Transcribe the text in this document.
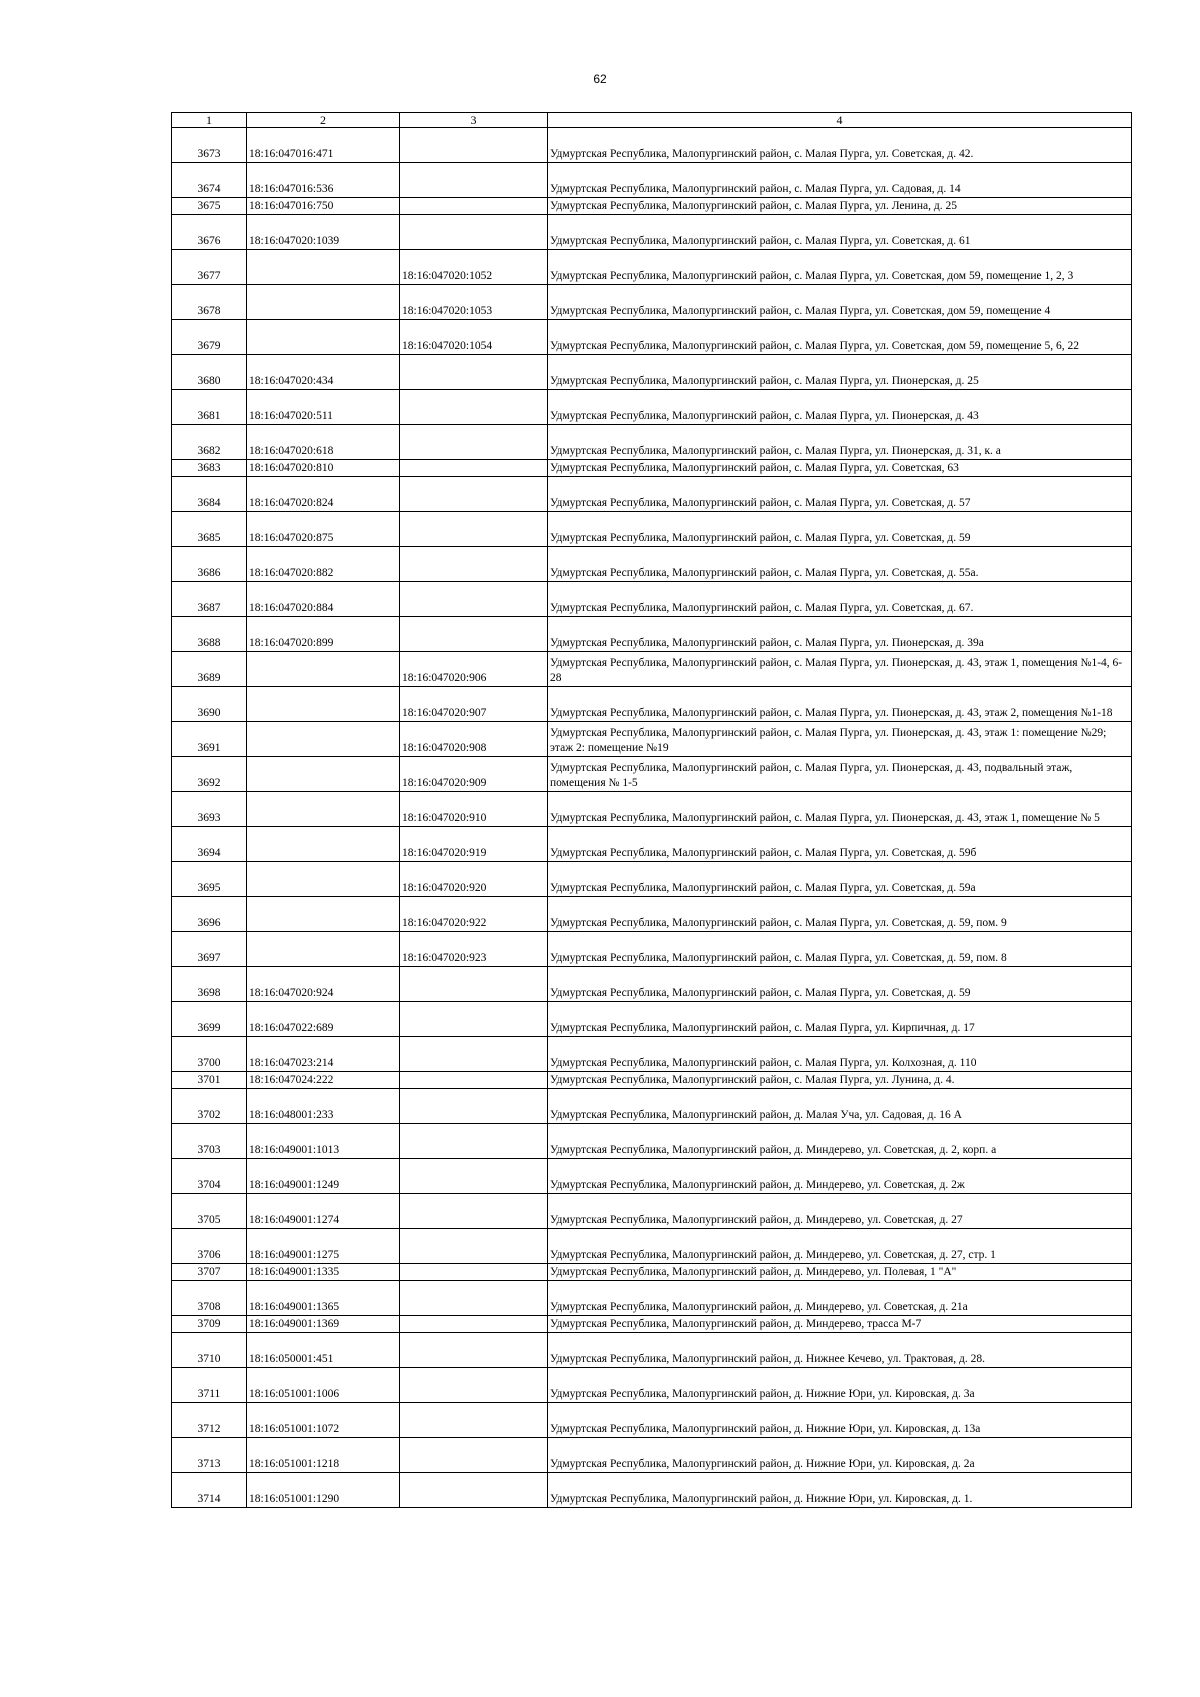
62
1	2	3	4
3673	18:16:047016:471		Удмуртская Республика, Малопургинский район, с. Малая Пурга, ул. Советская, д. 42.
3674	18:16:047016:536		Удмуртская Республика, Малопургинский район, с. Малая Пурга, ул. Садовая, д. 14
3675	18:16:047016:750		Удмуртская Республика, Малопургинский район, с. Малая Пурга, ул. Ленина, д. 25
3676	18:16:047020:1039		Удмуртская Республика, Малопургинский район, с. Малая Пурга, ул. Советская, д. 61
3677		18:16:047020:1052	Удмуртская Республика, Малопургинский район, с. Малая Пурга, ул. Советская, дом 59, помещение 1, 2, 3
3678		18:16:047020:1053	Удмуртская Республика, Малопургинский район, с. Малая Пурга, ул. Советская, дом 59, помещение 4
3679		18:16:047020:1054	Удмуртская Республика, Малопургинский район, с. Малая Пурга, ул. Советская, дом 59, помещение 5, 6, 22
3680	18:16:047020:434		Удмуртская Республика, Малопургинский район, с. Малая Пурга, ул. Пионерская, д. 25
3681	18:16:047020:511		Удмуртская Республика, Малопургинский район, с. Малая Пурга, ул. Пионерская, д. 43
3682	18:16:047020:618		Удмуртская Республика, Малопургинский район, с. Малая Пурга, ул. Пионерская, д. 31, к. а
3683	18:16:047020:810		Удмуртская Республика, Малопургинский район, с. Малая Пурга, ул. Советская, 63
3684	18:16:047020:824		Удмуртская Республика, Малопургинский район, с. Малая Пурга, ул. Советская, д. 57
3685	18:16:047020:875		Удмуртская Республика, Малопургинский район, с. Малая Пурга, ул. Советская, д. 59
3686	18:16:047020:882		Удмуртская Республика, Малопургинский район, с. Малая Пурга, ул. Советская, д. 55а.
3687	18:16:047020:884		Удмуртская Республика, Малопургинский район, с. Малая Пурга, ул. Советская, д. 67.
3688	18:16:047020:899		Удмуртская Республика, Малопургинский район, с. Малая Пурга, ул. Пионерская, д. 39а
3689		18:16:047020:906	Удмуртская Республика, Малопургинский район, с. Малая Пурга, ул. Пионерская, д. 43, этаж 1, помещения №1-4, 6-28
3690		18:16:047020:907	Удмуртская Республика, Малопургинский район, с. Малая Пурга, ул. Пионерская, д. 43, этаж 2, помещения №1-18
3691		18:16:047020:908	Удмуртская Республика, Малопургинский район, с. Малая Пурга, ул. Пионерская, д. 43, этаж 1: помещение №29; этаж 2: помещение №19
3692		18:16:047020:909	Удмуртская Республика, Малопургинский район, с. Малая Пурга, ул. Пионерская, д. 43, подвальный этаж, помещения № 1-5
3693		18:16:047020:910	Удмуртская Республика, Малопургинский район, с. Малая Пурга, ул. Пионерская, д. 43, этаж 1, помещение № 5
3694		18:16:047020:919	Удмуртская Республика, Малопургинский район, с. Малая Пурга, ул. Советская, д. 59б
3695		18:16:047020:920	Удмуртская Республика, Малопургинский район, с. Малая Пурга, ул. Советская, д. 59а
3696		18:16:047020:922	Удмуртская Республика, Малопургинский район, с. Малая Пурга, ул. Советская, д. 59, пом. 9
3697		18:16:047020:923	Удмуртская Республика, Малопургинский район, с. Малая Пурга, ул. Советская, д. 59, пом. 8
3698	18:16:047020:924		Удмуртская Республика, Малопургинский район, с. Малая Пурга, ул. Советская, д. 59
3699	18:16:047022:689		Удмуртская Республика, Малопургинский район, с. Малая Пурга, ул. Кирпичная, д. 17
3700	18:16:047023:214		Удмуртская Республика, Малопургинский район, с. Малая Пурга, ул. Колхозная, д. 110
3701	18:16:047024:222		Удмуртская Республика, Малопургинский район, с. Малая Пурга, ул. Лунина, д. 4.
3702	18:16:048001:233		Удмуртская Республика, Малопургинский район, д. Малая Уча, ул. Садовая, д. 16 А
3703	18:16:049001:1013		Удмуртская Республика, Малопургинский район, д. Миндерево, ул. Советская, д. 2, корп. а
3704	18:16:049001:1249		Удмуртская Республика, Малопургинский район, д. Миндерево, ул. Советская, д. 2ж
3705	18:16:049001:1274		Удмуртская Республика, Малопургинский район, д. Миндерево, ул. Советская, д. 27
3706	18:16:049001:1275		Удмуртская Республика, Малопургинский район, д. Миндерево, ул. Советская, д. 27, стр. 1
3707	18:16:049001:1335		Удмуртская Республика, Малопургинский район, д. Миндерево, ул. Полевая, 1 "А"
3708	18:16:049001:1365		Удмуртская Республика, Малопургинский район, д. Миндерево, ул. Советская, д. 21а
3709	18:16:049001:1369		Удмуртская Республика, Малопургинский район, д. Миндерево, трасса М-7
3710	18:16:050001:451		Удмуртская Республика, Малопургинский район, д. Нижнее Кечево, ул. Трактовая, д. 28.
3711	18:16:051001:1006		Удмуртская Республика, Малопургинский район, д. Нижние Юри, ул. Кировская, д. 3а
3712	18:16:051001:1072		Удмуртская Республика, Малопургинский район, д. Нижние Юри, ул. Кировская, д. 13а
3713	18:16:051001:1218		Удмуртская Республика, Малопургинский район, д. Нижние Юри, ул. Кировская, д. 2а
3714	18:16:051001:1290		Удмуртская Республика, Малопургинский район, д. Нижние Юри, ул. Кировская, д. 1.
